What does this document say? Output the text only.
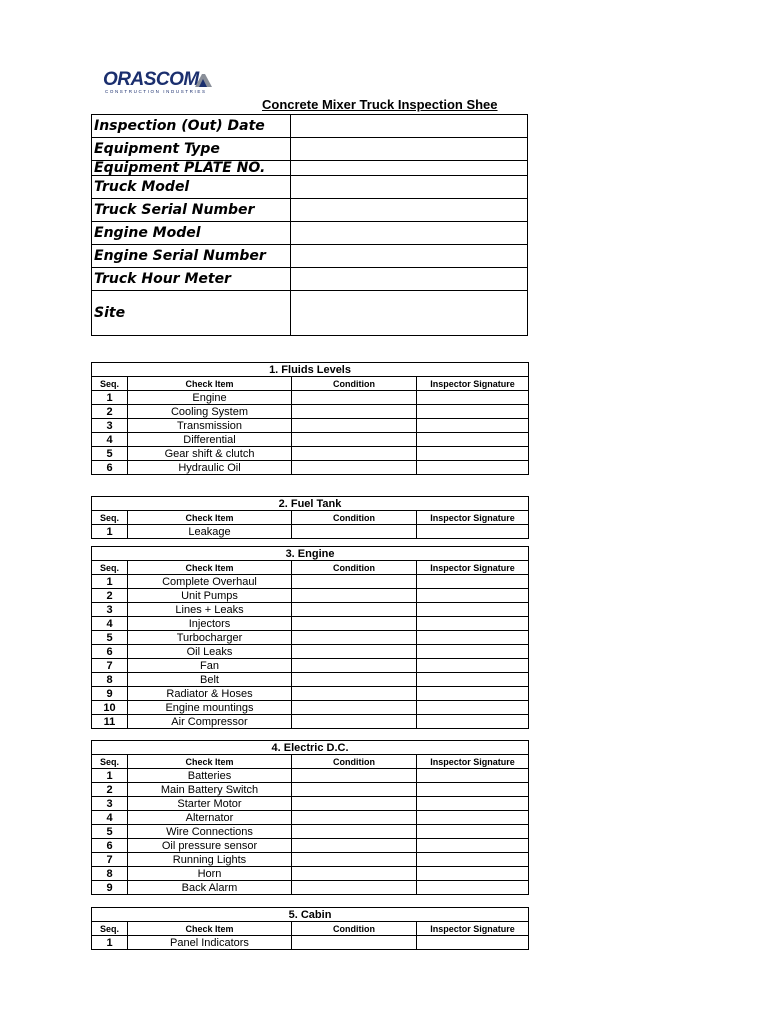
ORASCOM
CONSTRUCTION INDUSTRIES
Concrete Mixer Truck Inspection Shee
Inspection (Out) Date	
Equipment Type	
Equipment PLATE NO.	
Truck Model	
Truck Serial Number	
Engine Model	
Engine Serial Number	
Truck Hour Meter	
Site	
1. Fluids Levels			
Seq.	Check Item	Condition	Inspector Signature
1	Engine		
2	Cooling System		
3	Transmission		
4	Differential		
5	Gear shift & clutch		
6	Hydraulic Oil		
2. Fuel Tank			
Seq.	Check Item	Condition	Inspector Signature
1	Leakage		
3. Engine			
Seq.	Check Item	Condition	Inspector Signature
1	Complete Overhaul		
2	Unit Pumps		
3	Lines + Leaks		
4	Injectors		
5	Turbocharger		
6	Oil Leaks		
7	Fan		
8	Belt		
9	Radiator & Hoses		
10	Engine mountings		
11	Air Compressor		
4. Electric D.C.			
Seq.	Check Item	Condition	Inspector Signature
1	Batteries		
2	Main Battery Switch		
3	Starter Motor		
4	Alternator		
5	Wire Connections		
6	Oil pressure sensor		
7	Running Lights		
8	Horn		
9	Back Alarm		
5. Cabin			
Seq.	Check Item	Condition	Inspector Signature
1	Panel Indicators		
